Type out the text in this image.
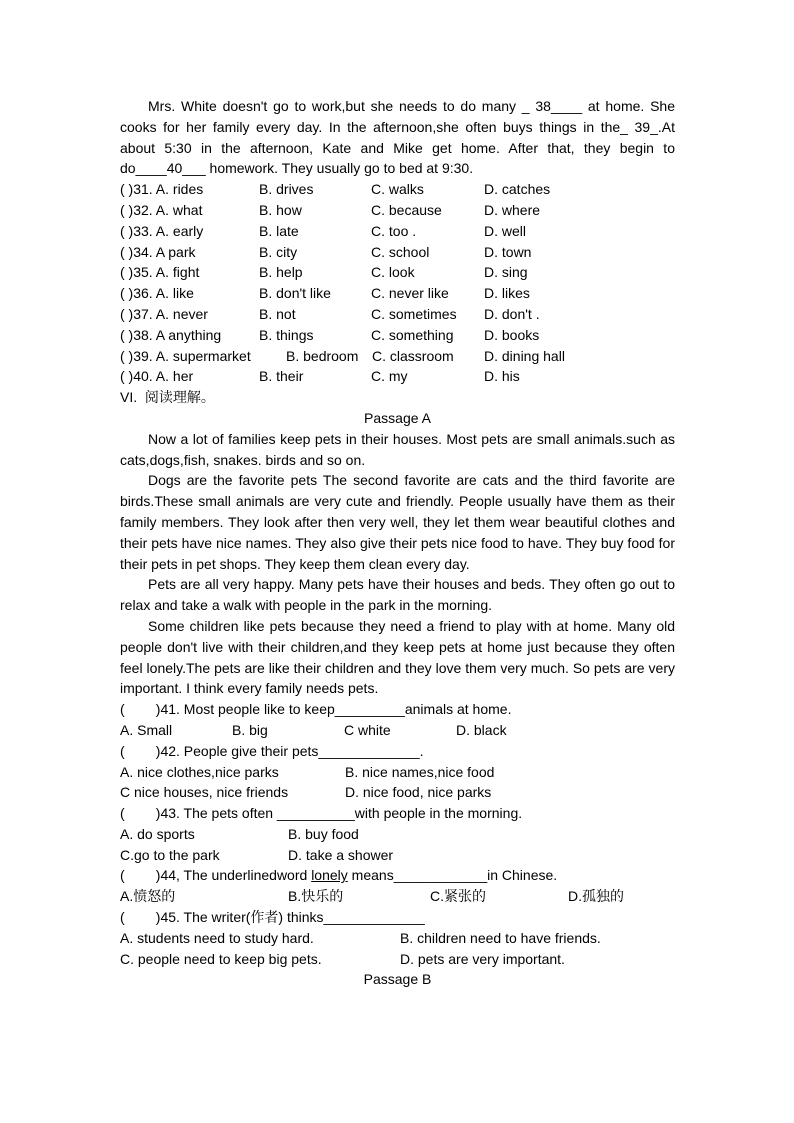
Mrs. White doesn't go to work,but she needs to do many _ 38____ at home. She cooks for her family every day. In the afternoon,she often buys things in the_ 39_.At about 5:30 in the afternoon, Kate and Mike get home. After that, they begin to do____40___ homework. They usually go to bed at 9:30.

( )31. A. rides	B. drives	C. walks	D. catches
( )32. A. what	B. how	C. because	D. where
( )33. A. early	B. late	C. too .	D. well
( )34. A park	B. city	C. school	D. town
( )35. A. fight	B. help	C. look	D. sing
( )36. A. like	B. don't like	C. never like	D. likes
( )37. A. never	B. not	C. sometimes	D. don't .
( )38. A anything	B. things	C. something	D. books
( )39. A. supermarket	B. bedroom C. classroom	D. dining hall
( )40. A. her	B. their	C. my	D. his

VI.  阅读理解。

Passage A

Now a lot of families keep pets in their houses. Most pets are small animals.such as cats,dogs,fish, snakes. birds and so on.

Dogs are the favorite pets The second favorite are cats and the third favorite are birds.These small animals are very cute and friendly. People usually have them as their family members. They look after then very well, they let them wear beautiful clothes and their pets have nice names. They also give their pets nice food to have. They buy food for their pets in pet shops. They keep them clean every day.

Pets are all very happy. Many pets have their houses and beds. They often go out to relax and take a walk with people in the park in the morning.

Some children like pets because they need a friend to play with at home. Many old people don't live with their children,and they keep pets at home just because they often feel lonely.The pets are like their children and they love them very much. So pets are very important. I think every family needs pets.

(        )41. Most people like to keep_________animals at home.

A. Small	B. big	C white	D. black

(        )42. People give their pets_____________.

A. nice clothes,nice parks	B. nice names,nice food
C nice houses, nice friends	D. nice food, nice parks

(        )43. The pets often __________with people in the morning.

A. do sports	B. buy food
C.go to the park	D. take a shower

(        )44, The underlinedword lonely means____________in Chinese.

A.愤怒的	B.快乐的	C.紧张的	D.孤独的

(        )45. The writer(作者) thinks_____________

A. students need to study hard.	B. children need to have friends.
C. people need to keep big pets.	D. pets are very important.

Passage B
